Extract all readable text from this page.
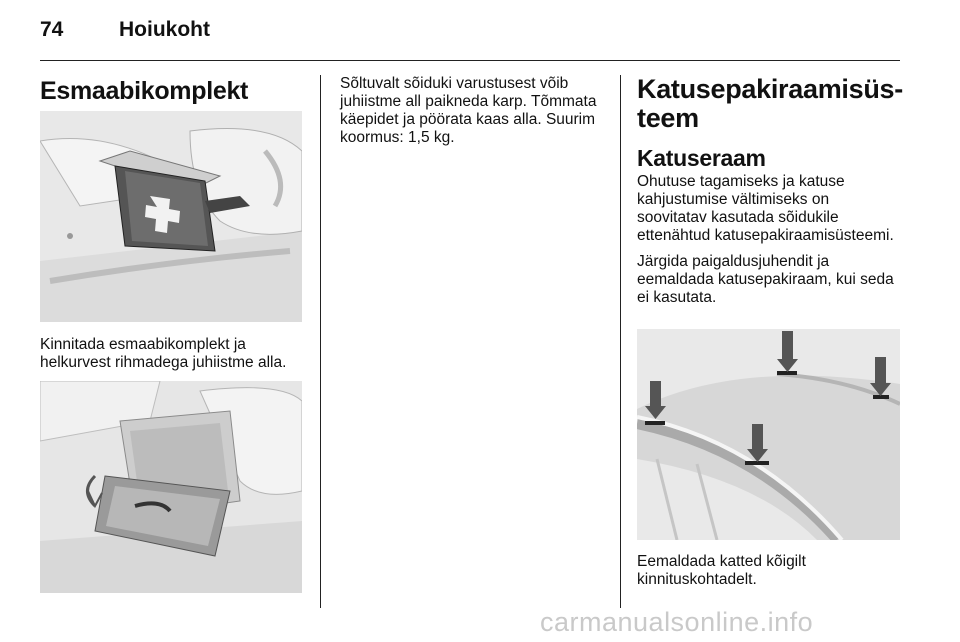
74	Hoiukoht
Esmaabikomplekt

Kinnitada esmaabikomplekt ja helkurvest rihmadega juhiistme alla.

Sõltuvalt sõiduki varustusest võib juhiistme all paikneda karp. Tõmmata käepidet ja pöörata kaas alla. Suurim koormus: 1,5 kg.

Katusepakiraamisüs-
teem
Katuseraam

Ohutuse tagamiseks ja katuse kahjustumise vältimiseks on soovitatav kasutada sõidukile ettenähtud katusepakiraamisüsteemi.

Järgida paigaldusjuhendit ja eemaldada katusepakiraam, kui seda ei kasutata.

Eemaldada katted kõigilt kinnituskohtadelt.

carmanualsonline.info
